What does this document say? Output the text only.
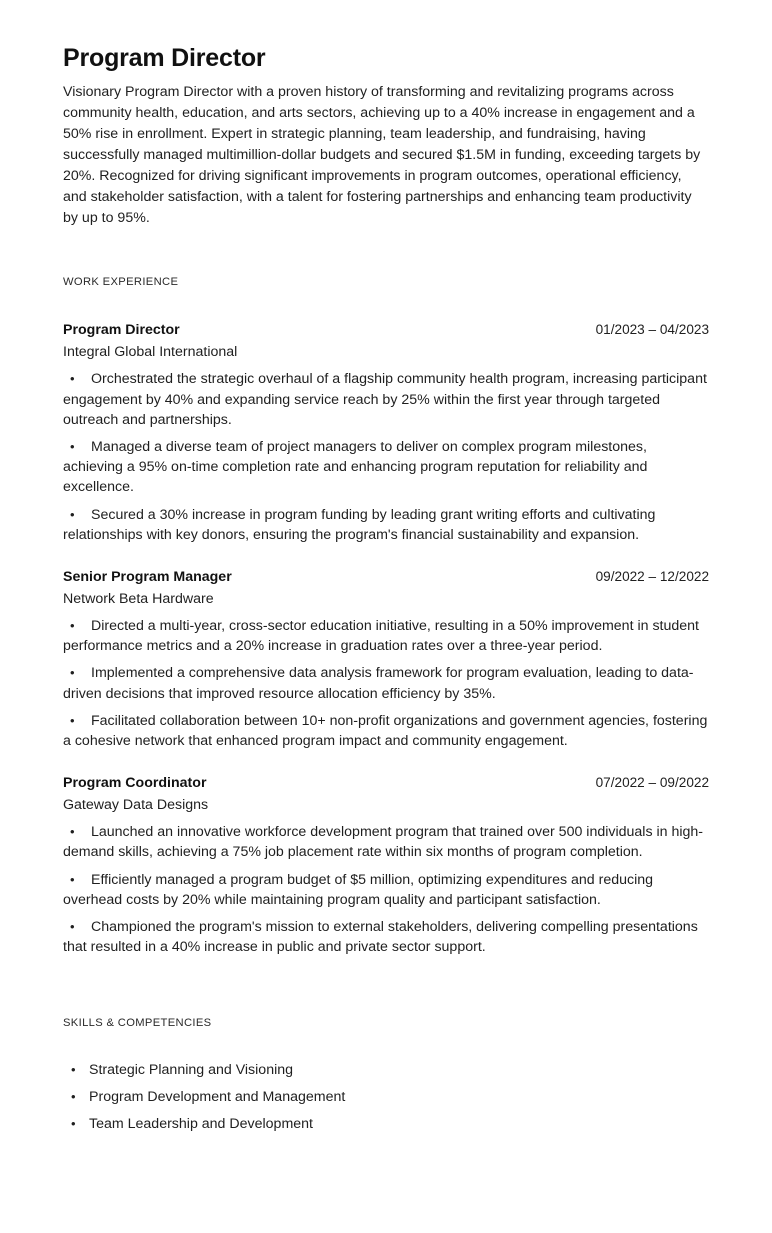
Program Director

Visionary Program Director with a proven history of transforming and revitalizing programs across community health, education, and arts sectors, achieving up to a 40% increase in engagement and a 50% rise in enrollment. Expert in strategic planning, team leadership, and fundraising, having successfully managed multimillion-dollar budgets and secured $1.5M in funding, exceeding targets by 20%. Recognized for driving significant improvements in program outcomes, operational efficiency, and stakeholder satisfaction, with a talent for fostering partnerships and enhancing team productivity by up to 95%.

WORK EXPERIENCE
Program Director	01/2023 – 04/2023
Integral Global International
• Orchestrated the strategic overhaul of a flagship community health program, increasing participant engagement by 40% and expanding service reach by 25% within the first year through targeted outreach and partnerships.
• Managed a diverse team of project managers to deliver on complex program milestones, achieving a 95% on-time completion rate and enhancing program reputation for reliability and excellence.
• Secured a 30% increase in program funding by leading grant writing efforts and cultivating relationships with key donors, ensuring the program's financial sustainability and expansion.
Senior Program Manager	09/2022 – 12/2022
Network Beta Hardware
• Directed a multi-year, cross-sector education initiative, resulting in a 50% improvement in student performance metrics and a 20% increase in graduation rates over a three-year period.
• Implemented a comprehensive data analysis framework for program evaluation, leading to data-driven decisions that improved resource allocation efficiency by 35%.
• Facilitated collaboration between 10+ non-profit organizations and government agencies, fostering a cohesive network that enhanced program impact and community engagement.
Program Coordinator	07/2022 – 09/2022
Gateway Data Designs
• Launched an innovative workforce development program that trained over 500 individuals in high-demand skills, achieving a 75% job placement rate within six months of program completion.
• Efficiently managed a program budget of $5 million, optimizing expenditures and reducing overhead costs by 20% while maintaining program quality and participant satisfaction.
• Championed the program's mission to external stakeholders, delivering compelling presentations that resulted in a 40% increase in public and private sector support.
SKILLS & COMPETENCIES
• Strategic Planning and Visioning
• Program Development and Management
• Team Leadership and Development
